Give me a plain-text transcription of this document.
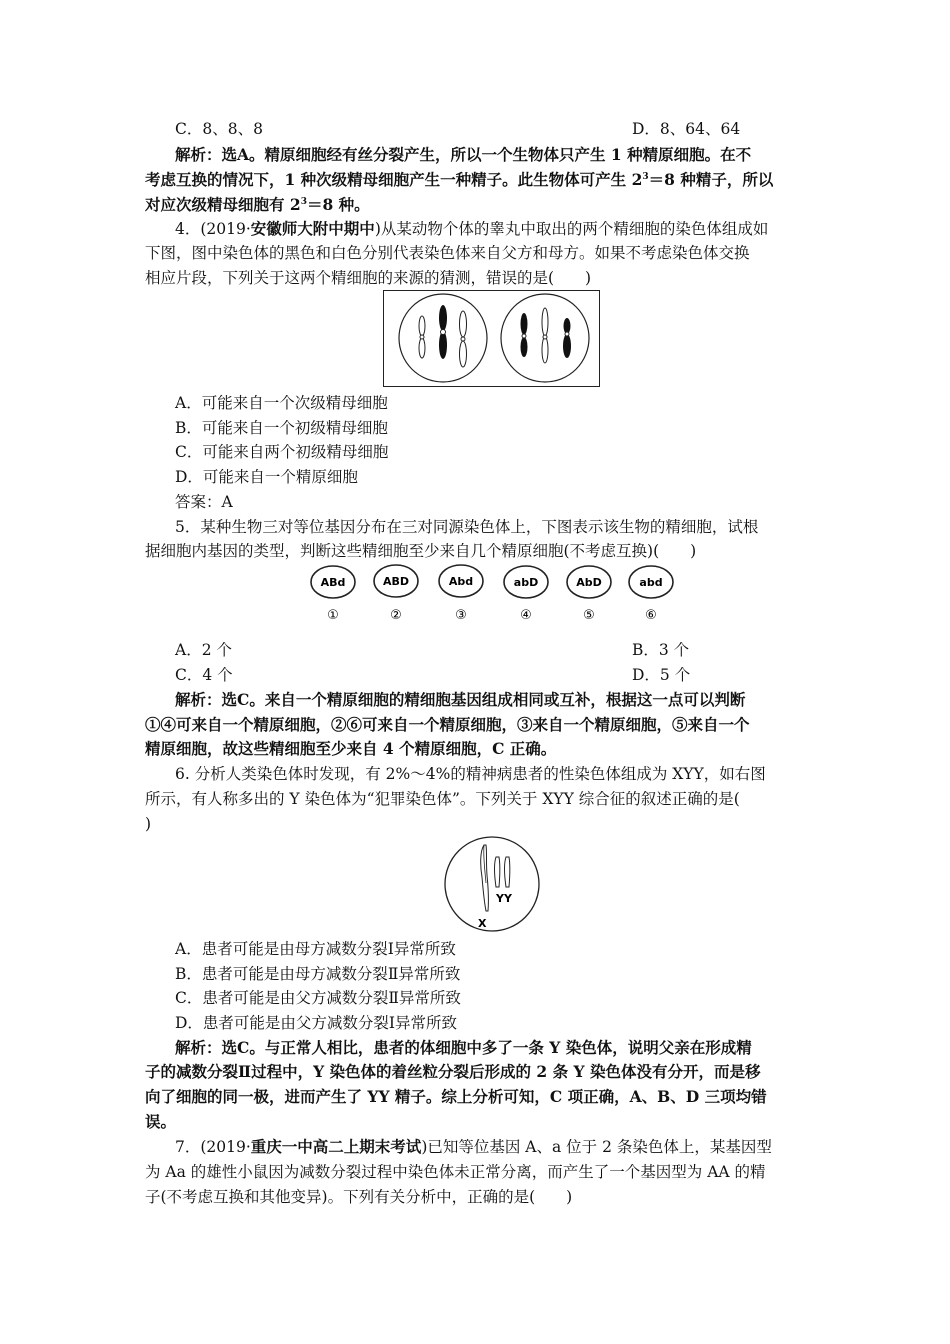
C．8、8、8	D．8、64、64
解析：选A。精原细胞经有丝分裂产生，所以一个生物体只产生 1 种精原细胞。在不
考虑互换的情况下，1 种次级精母细胞产生一种精子。此生物体可产生 $2^3=8$ 种精子，所以
对应次级精母细胞有 $2^3=8$ 种。
4．(2019·安徽师大附中期中)从某动物个体的睾丸中取出的两个精细胞的染色体组成如
下图，图中染色体的黑色和白色分别代表染色体来自父方和母方。如果不考虑染色体交换
相应片段，下列关于这两个精细胞的来源的猜测，错误的是(　　)
A．可能来自一个次级精母细胞
B．可能来自一个初级精母细胞
C．可能来自两个初级精母细胞
D．可能来自一个精原细胞
答案：A
5．某种生物三对等位基因分布在三对同源染色体上，下图表示该生物的精细胞，试根
据细胞内基因的类型，判断这些精细胞至少来自几个精原细胞(不考虑互换)(　　)
ABd
①
ABD
②
Abd
③
abD
④
AbD
⑤
abd
⑥
A．2 个	B．3 个
C．4 个	D．5 个
解析：选C。来自一个精原细胞的精细胞基因组成相同或互补，根据这一点可以判断
①④可来自一个精原细胞，②⑥可来自一个精原细胞，③来自一个精原细胞，⑤来自一个
精原细胞，故这些精细胞至少来自 4 个精原细胞，C 正确。
6. 分析人类染色体时发现，有 2%～4%的精神病患者的性染色体组成为 XYY，如右图
所示，有人称多出的 Y 染色体为“犯罪染色体”。下列关于 XYY 综合征的叙述正确的是(
)
YY
X
A．患者可能是由母方减数分裂Ⅰ异常所致
B．患者可能是由母方减数分裂Ⅱ异常所致
C．患者可能是由父方减数分裂Ⅱ异常所致
D．患者可能是由父方减数分裂Ⅰ异常所致
解析：选C。与正常人相比，患者的体细胞中多了一条 Y 染色体，说明父亲在形成精
子的减数分裂Ⅱ过程中，Y 染色体的着丝粒分裂后形成的 2 条 Y 染色体没有分开，而是移
向了细胞的同一极，进而产生了 YY 精子。综上分析可知，C 项正确，A、B、D 三项均错
误。
7．(2019·重庆一中高二上期末考试)已知等位基因 A、a 位于 2 条染色体上，某基因型
为 Aa 的雄性小鼠因为减数分裂过程中染色体未正常分离，而产生了一个基因型为 AA 的精
子(不考虑互换和其他变异)。下列有关分析中，正确的是(　　)
